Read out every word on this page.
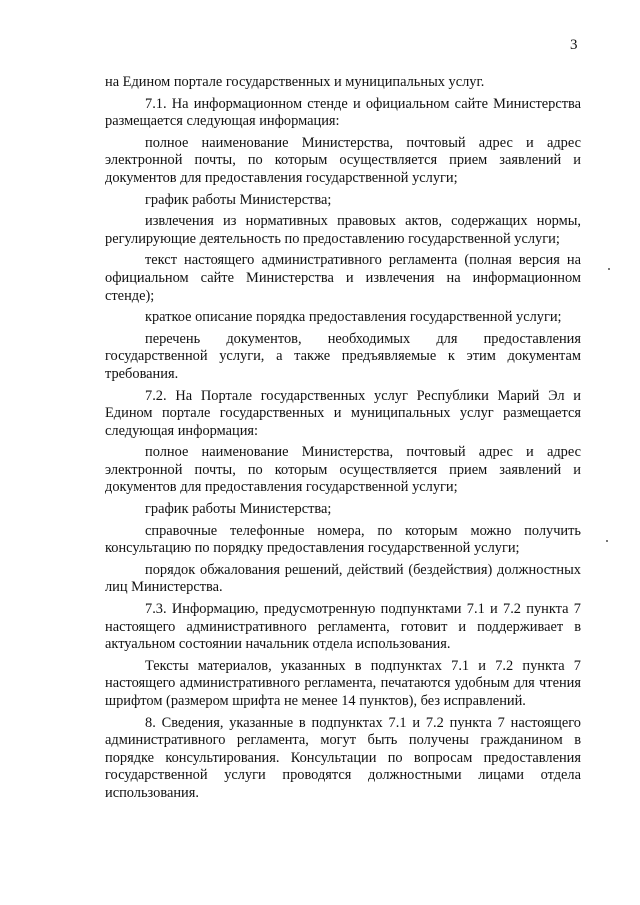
3

на Едином портале государственных и муниципальных услуг.

7.1. На информационном стенде и официальном сайте Министерства размещается следующая информация:

полное наименование Министерства, почтовый адрес и адрес электронной почты, по которым осуществляется прием заявлений и документов для предоставления государственной услуги;

график работы Министерства;

извлечения из нормативных правовых актов, содержащих нормы, регулирующие деятельность по предоставлению государственной услуги;

текст настоящего административного регламента (полная версия на официальном сайте Министерства и извлечения на информационном стенде);

краткое описание порядка предоставления государственной услуги;

перечень документов, необходимых для предоставления государственной услуги, а также предъявляемые к этим документам требования.

7.2. На Портале государственных услуг Республики Марий Эл и Едином портале государственных и муниципальных услуг размещается следующая информация:

полное наименование Министерства, почтовый адрес и адрес электронной почты, по которым осуществляется прием заявлений и документов для предоставления государственной услуги;

график работы Министерства;

справочные телефонные номера, по которым можно получить консультацию по порядку предоставления государственной услуги;

порядок обжалования решений, действий (бездействия) должностных лиц Министерства.

7.3. Информацию, предусмотренную подпунктами 7.1 и 7.2 пункта 7 настоящего административного регламента, готовит и поддерживает в актуальном состоянии начальник отдела использования.

Тексты материалов, указанных в подпунктах 7.1 и 7.2 пункта 7 настоящего административного регламента, печатаются удобным для чтения шрифтом (размером шрифта не менее 14 пунктов), без исправлений.

8. Сведения, указанные в подпунктах 7.1 и 7.2 пункта 7 настоящего административного регламента, могут быть получены гражданином в порядке консультирования. Консультации по вопросам предоставления государственной услуги проводятся должностными лицами отдела использования.
